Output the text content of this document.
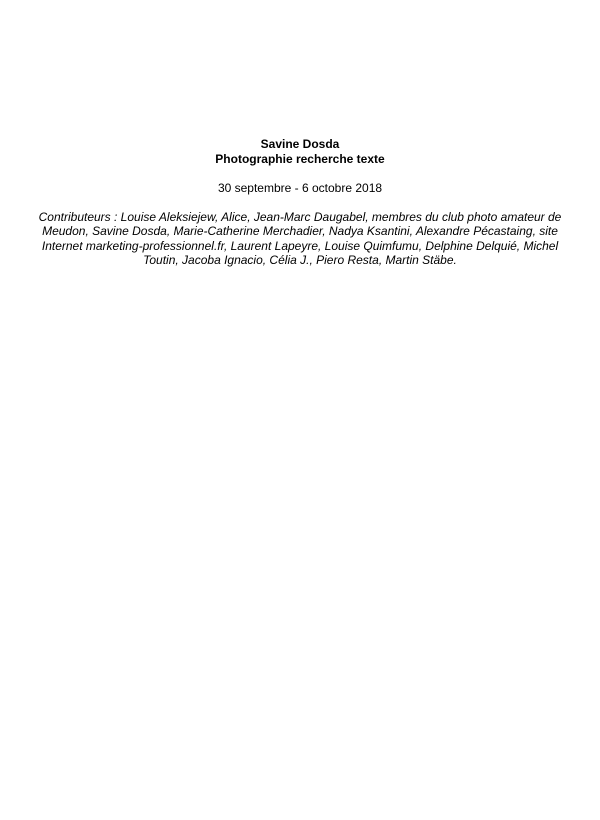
Savine Dosda
Photographie recherche texte
30 septembre - 6 octobre 2018
Contributeurs : Louise Aleksiejew, Alice, Jean-Marc Daugabel, membres du club photo amateur de Meudon, Savine Dosda, Marie-Catherine Merchadier, Nadya Ksantini, Alexandre Pécastaing, site Internet marketing-professionnel.fr, Laurent Lapeyre, Louise Quimfumu, Delphine Delquié, Michel Toutin, Jacoba Ignacio, Célia J., Piero Resta, Martin Stäbe.
